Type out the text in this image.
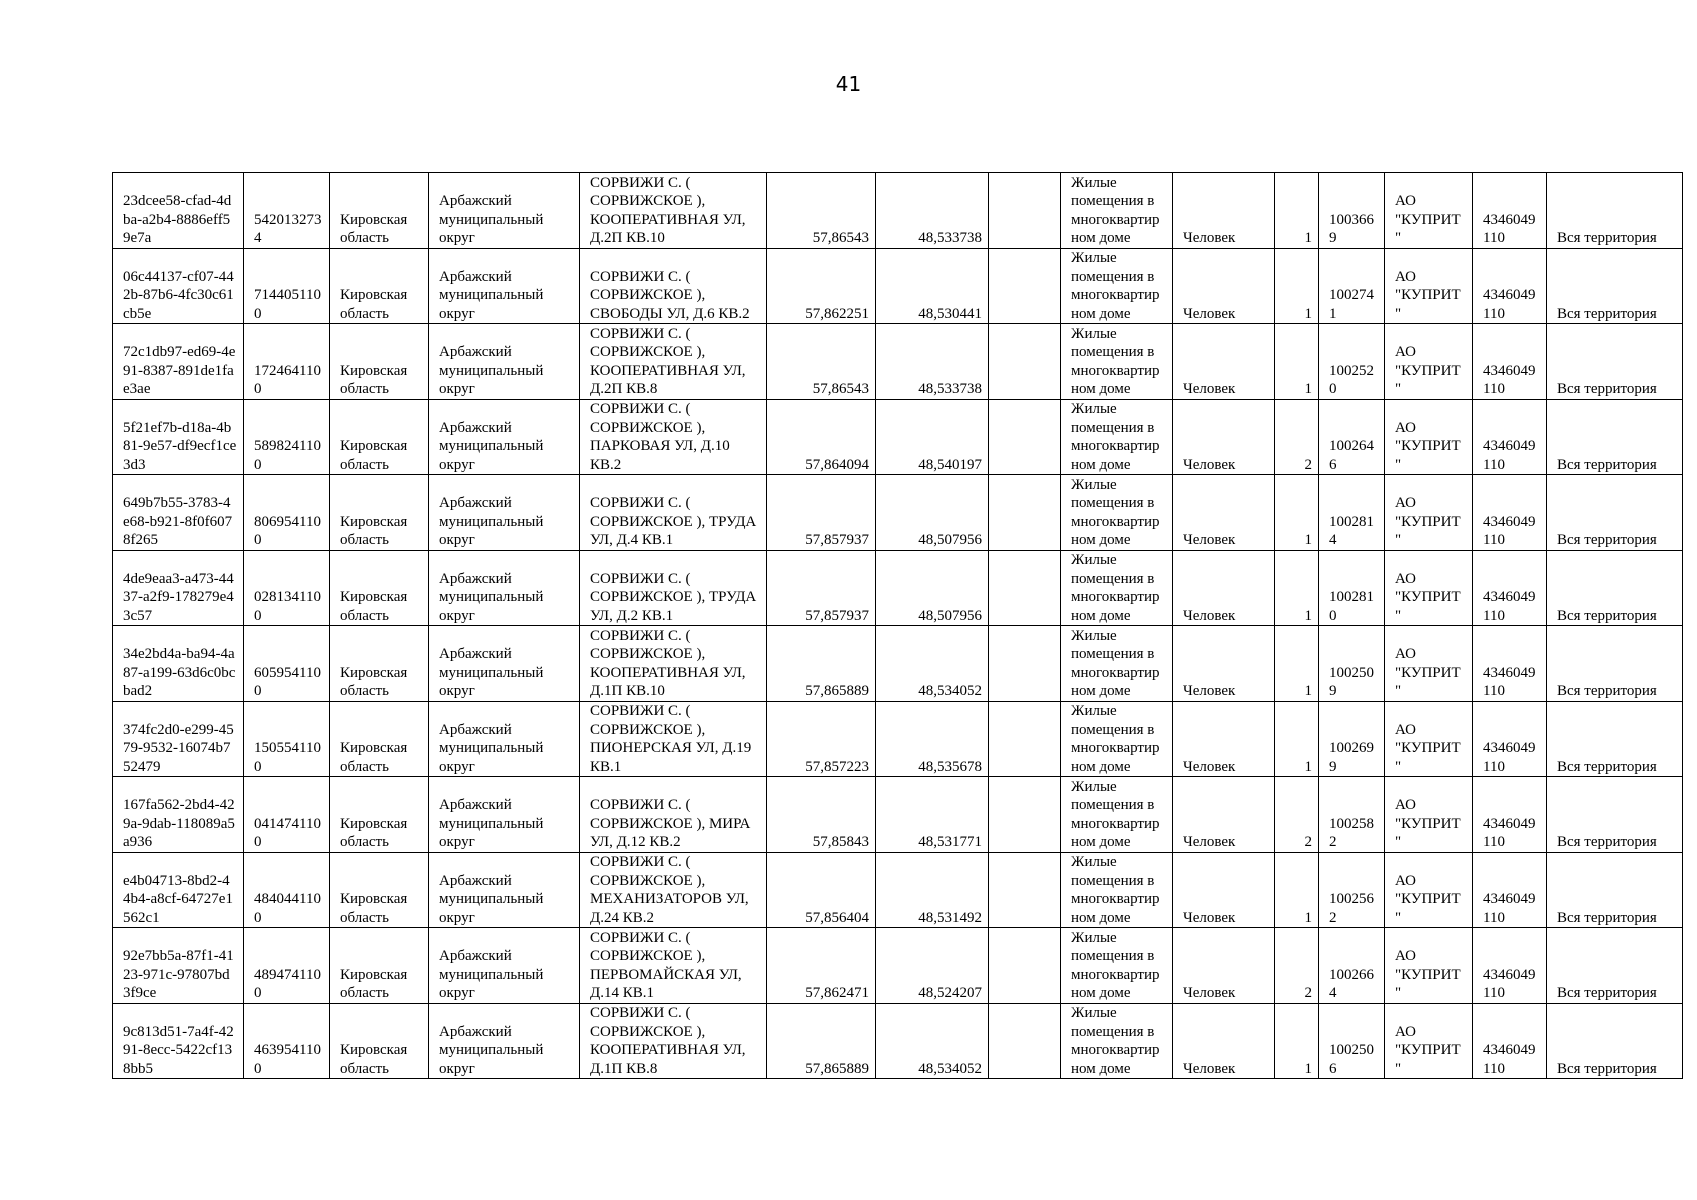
41
23dcee58-cfad-4dba-a2b4-8886eff59e7a	5420132734	Кировская область	Арбажский муниципальный округ	СОРВИЖИ С. ( СОРВИЖСКОЕ ), КООПЕРАТИВНАЯ УЛ, Д.2П КВ.10	57,86543	48,533738		Жилые помещения в многоквартирном доме	Человек	1	1003669	АО "КУПРИТ"	4346049110	Вся территория
06c44137-cf07-442b-87b6-4fc30c61cb5e	7144051100	Кировская область	Арбажский муниципальный округ	СОРВИЖИ С. ( СОРВИЖСКОЕ ), СВОБОДЫ УЛ, Д.6 КВ.2	57,862251	48,530441		Жилые помещения в многоквартирном доме	Человек	1	1002741	АО "КУПРИТ"	4346049110	Вся территория
72c1db97-ed69-4e91-8387-891de1fae3ae	1724641100	Кировская область	Арбажский муниципальный округ	СОРВИЖИ С. ( СОРВИЖСКОЕ ), КООПЕРАТИВНАЯ УЛ, Д.2П КВ.8	57,86543	48,533738		Жилые помещения в многоквартирном доме	Человек	1	1002520	АО "КУПРИТ"	4346049110	Вся территория
5f21ef7b-d18a-4b81-9e57-df9ecf1ce3d3	5898241100	Кировская область	Арбажский муниципальный округ	СОРВИЖИ С. ( СОРВИЖСКОЕ ), ПАРКОВАЯ УЛ, Д.10 КВ.2	57,864094	48,540197		Жилые помещения в многоквартирном доме	Человек	2	1002646	АО "КУПРИТ"	4346049110	Вся территория
649b7b55-3783-4e68-b921-8f0f6078f265	8069541100	Кировская область	Арбажский муниципальный округ	СОРВИЖИ С. ( СОРВИЖСКОЕ ), ТРУДА УЛ, Д.4 КВ.1	57,857937	48,507956		Жилые помещения в многоквартирном доме	Человек	1	1002814	АО "КУПРИТ"	4346049110	Вся территория
4de9eaa3-a473-4437-a2f9-178279e43c57	0281341100	Кировская область	Арбажский муниципальный округ	СОРВИЖИ С. ( СОРВИЖСКОЕ ), ТРУДА УЛ, Д.2 КВ.1	57,857937	48,507956		Жилые помещения в многоквартирном доме	Человек	1	1002810	АО "КУПРИТ"	4346049110	Вся территория
34e2bd4a-ba94-4a87-a199-63d6c0bcbad2	6059541100	Кировская область	Арбажский муниципальный округ	СОРВИЖИ С. ( СОРВИЖСКОЕ ), КООПЕРАТИВНАЯ УЛ, Д.1П КВ.10	57,865889	48,534052		Жилые помещения в многоквартирном доме	Человек	1	1002509	АО "КУПРИТ"	4346049110	Вся территория
374fc2d0-e299-4579-9532-16074b752479	1505541100	Кировская область	Арбажский муниципальный округ	СОРВИЖИ С. ( СОРВИЖСКОЕ ), ПИОНЕРСКАЯ УЛ, Д.19 КВ.1	57,857223	48,535678		Жилые помещения в многоквартирном доме	Человек	1	1002699	АО "КУПРИТ"	4346049110	Вся территория
167fa562-2bd4-429a-9dab-118089a5a936	0414741100	Кировская область	Арбажский муниципальный округ	СОРВИЖИ С. ( СОРВИЖСКОЕ ), МИРА УЛ, Д.12 КВ.2	57,85843	48,531771		Жилые помещения в многоквартирном доме	Человек	2	1002582	АО "КУПРИТ"	4346049110	Вся территория
e4b04713-8bd2-44b4-a8cf-64727e1562c1	4840441100	Кировская область	Арбажский муниципальный округ	СОРВИЖИ С. ( СОРВИЖСКОЕ ), МЕХАНИЗАТОРОВ УЛ, Д.24 КВ.2	57,856404	48,531492		Жилые помещения в многоквартирном доме	Человек	1	1002562	АО "КУПРИТ"	4346049110	Вся территория
92e7bb5a-87f1-4123-971c-97807bd3f9ce	4894741100	Кировская область	Арбажский муниципальный округ	СОРВИЖИ С. ( СОРВИЖСКОЕ ), ПЕРВОМАЙСКАЯ УЛ, Д.14 КВ.1	57,862471	48,524207		Жилые помещения в многоквартирном доме	Человек	2	1002664	АО "КУПРИТ"	4346049110	Вся территория
9c813d51-7a4f-4291-8ecc-5422cf138bb5	4639541100	Кировская область	Арбажский муниципальный округ	СОРВИЖИ С. ( СОРВИЖСКОЕ ), КООПЕРАТИВНАЯ УЛ, Д.1П КВ.8	57,865889	48,534052		Жилые помещения в многоквартирном доме	Человек	1	1002506	АО "КУПРИТ"	4346049110	Вся территория
